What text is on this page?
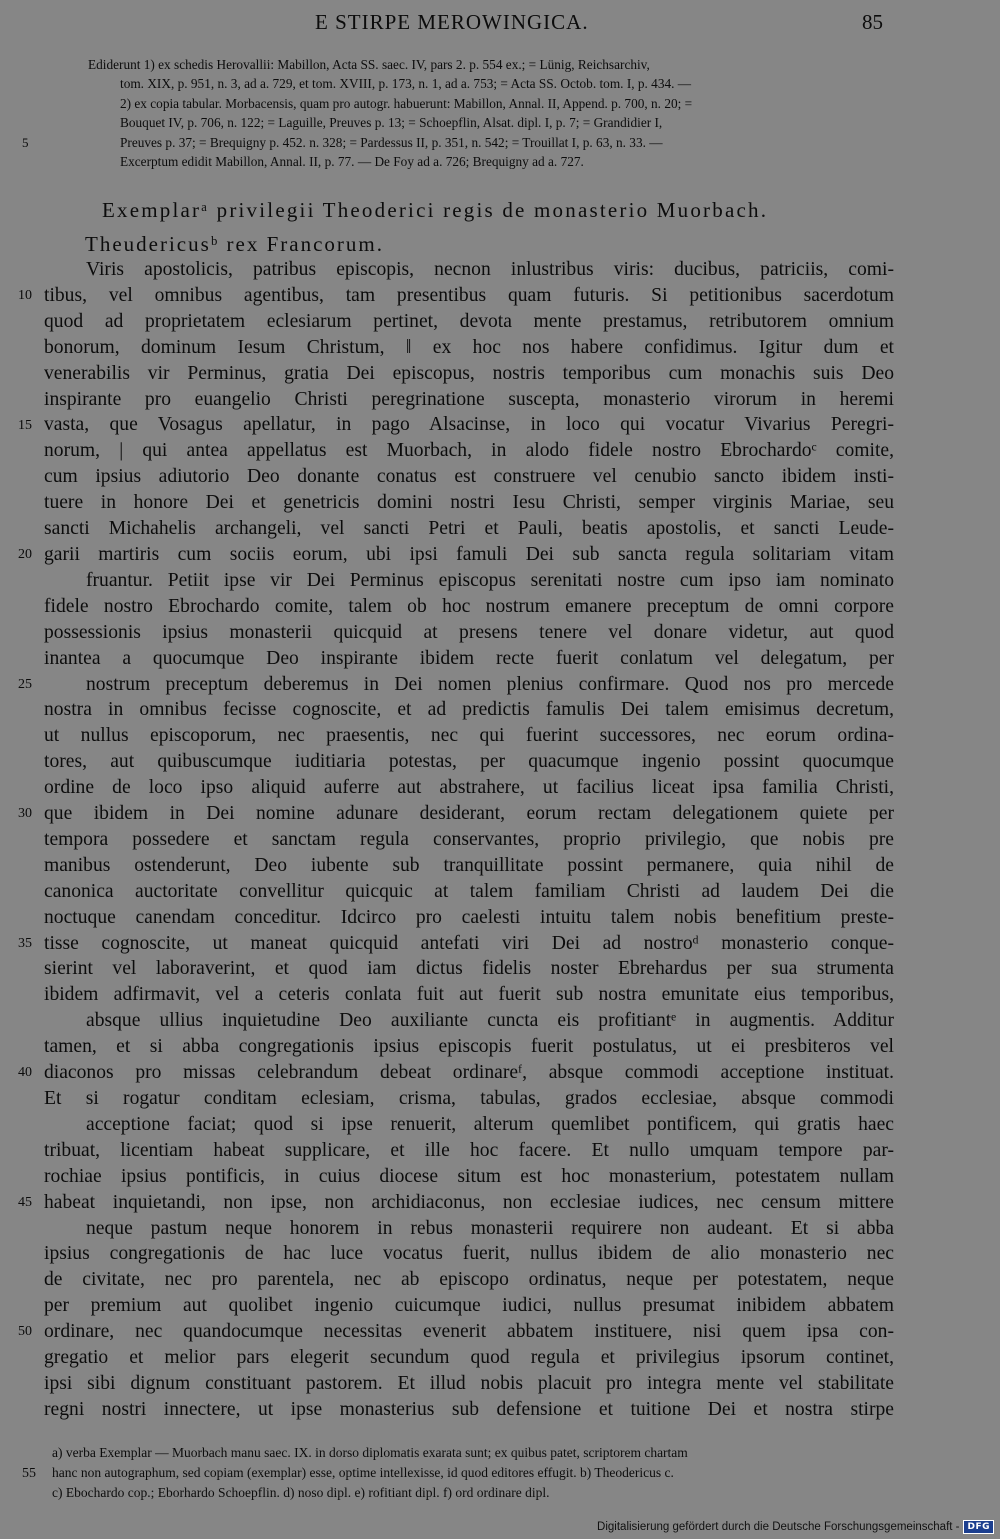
E STIRPE MEROWINGICA.	85
Ediderunt 1) ex schedis Herovallii: Mabillon, Acta SS. saec. IV, pars 2. p. 554 ex.; = Lünig, Reichsarchiv,
tom. XIX, p. 951, n. 3, ad a. 729, et tom. XVIII, p. 173, n. 1, ad a. 753; = Acta SS. Octob. tom. I, p. 434. —
2) ex copia tabular. Morbacensis, quam pro autogr. habuerunt: Mabillon, Annal. II, Append. p. 700, n. 20; =
Bouquet IV, p. 706, n. 122; = Laguille, Preuves p. 13; = Schoepflin, Alsat. dipl. I, p. 7; = Grandidier I,
Preuves p. 37; = Brequigny p. 452. n. 328; = Pardessus II, p. 351, n. 542; = Trouillat I, p. 63, n. 33. —
Excerptum edidit Mabillon, Annal. II, p. 77. — De Foy ad a. 726; Brequigny ad a. 727.
5
Exemplarᵃ privilegii Theoderici regis de monasterio Muorbach.
Theudericusᵇ rex Francorum.
Viris apostolicis, patribus episcopis, necnon inlustribus viris: ducibus, patriciis, comi-
tibus, vel omnibus agentibus, tam presentibus quam futuris. Si petitionibus sacerdotum
quod ad proprietatem eclesiarum pertinet, devota mente prestamus, retributorem omnium
bonorum, dominum Iesum Christum, ‖ ex hoc nos habere confidimus. Igitur dum et
venerabilis vir Perminus, gratia Dei episcopus, nostris temporibus cum monachis suis Deo
inspirante pro euangelio Christi peregrinatione suscepta, monasterio virorum in heremi
vasta, que Vosagus apellatur, in pago Alsacinse, in loco qui vocatur Vivarius Peregri-
norum, | qui antea appellatus est Muorbach, in alodo fidele nostro Ebrochardoᶜ comite,
cum ipsius adiutorio Deo donante conatus est construere vel cenubio sancto ibidem insti-
tuere in honore Dei et genetricis domini nostri Iesu Christi, semper virginis Mariae, seu
sancti Michahelis archangeli, vel sancti Petri et Pauli, beatis apostolis, et sancti Leude-
garii martiris cum sociis eorum, ubi ipsi famuli Dei sub sancta regula solitariam vitam
fruantur. Petiit ipse vir Dei Perminus episcopus serenitati nostre cum ipso iam nominato
fidele nostro Ebrochardo comite, talem ob hoc nostrum emanere preceptum de omni corpore
possessionis ipsius monasterii quicquid at presens tenere vel donare videtur, aut quod
inantea a quocumque Deo inspirante ibidem recte fuerit conlatum vel delegatum, per
nostrum preceptum deberemus in Dei nomen plenius confirmare. Quod nos pro mercede
nostra in omnibus fecisse cognoscite, et ad predictis famulis Dei talem emisimus decretum,
ut nullus episcoporum, nec praesentis, nec qui fuerint successores, nec eorum ordina-
tores, aut quibuscumque iuditiaria potestas, per quacumque ingenio possint quocumque
ordine de loco ipso aliquid auferre aut abstrahere, ut facilius liceat ipsa familia Christi,
que ibidem in Dei nomine adunare desiderant, eorum rectam delegationem quiete per
tempora possedere et sanctam regula conservantes, proprio privilegio, que nobis pre
manibus ostenderunt, Deo iubente sub tranquillitate possint permanere, quia nihil de
canonica auctoritate convellitur quicquic at talem familiam Christi ad laudem Dei die
noctuque canendam conceditur. Idcirco pro caelesti intuitu talem nobis benefitium preste-
tisse cognoscite, ut maneat quicquid antefati viri Dei ad nostroᵈ monasterio conque-
sierint vel laboraverint, et quod iam dictus fidelis noster Ebrehardus per sua strumenta
ibidem adfirmavit, vel a ceteris conlata fuit aut fuerit sub nostra emunitate eius temporibus,
absque ullius inquietudine Deo auxiliante cuncta eis profitiantᵉ in augmentis. Additur
tamen, et si abba congregationis ipsius episcopis fuerit postulatus, ut ei presbiteros vel
diaconos pro missas celebrandum debeat ordinareᶠ, absque commodi acceptione instituat.
Et si rogatur conditam eclesiam, crisma, tabulas, grados ecclesiae, absque commodi
acceptione faciat; quod si ipse renuerit, alterum quemlibet pontificem, qui gratis haec
tribuat, licentiam habeat supplicare, et ille hoc facere. Et nullo umquam tempore par-
rochiae ipsius pontificis, in cuius diocese situm est hoc monasterium, potestatem nullam
habeat inquietandi, non ipse, non archidiaconus, non ecclesiae iudices, nec censum mittere
neque pastum neque honorem in rebus monasterii requirere non audeant. Et si abba
ipsius congregationis de hac luce vocatus fuerit, nullus ibidem de alio monasterio nec
de civitate, nec pro parentela, nec ab episcopo ordinatus, neque per potestatem, neque
per premium aut quolibet ingenio cuicumque iudici, nullus presumat inibidem abbatem
ordinare, nec quandocumque necessitas evenerit abbatem instituere, nisi quem ipsa con-
gregatio et melior pars elegerit secundum quod regula et privilegius ipsorum continet,
ipsi sibi dignum constituant pastorem. Et illud nobis placuit pro integra mente vel stabilitate
regni nostri innectere, ut ipse monasterius sub defensione et tuitione Dei et nostra stirpe
10
15
20
25
30
35
40
45
50
a) verba Exemplar — Muorbach manu saec. IX. in dorso diplomatis exarata sunt; ex quibus patet, scriptorem chartam
hanc non autographum, sed copiam (exemplar) esse, optime intellexisse, id quod editores effugit. b) Theodericus c.
c) Ebochardo cop.; Eborhardo Schoepflin. d) noso dipl. e) rofitiant dipl. f) ord ordinare dipl.
55
Digitalisierung gefördert durch die Deutsche Forschungsgemeinschaft - DFG
